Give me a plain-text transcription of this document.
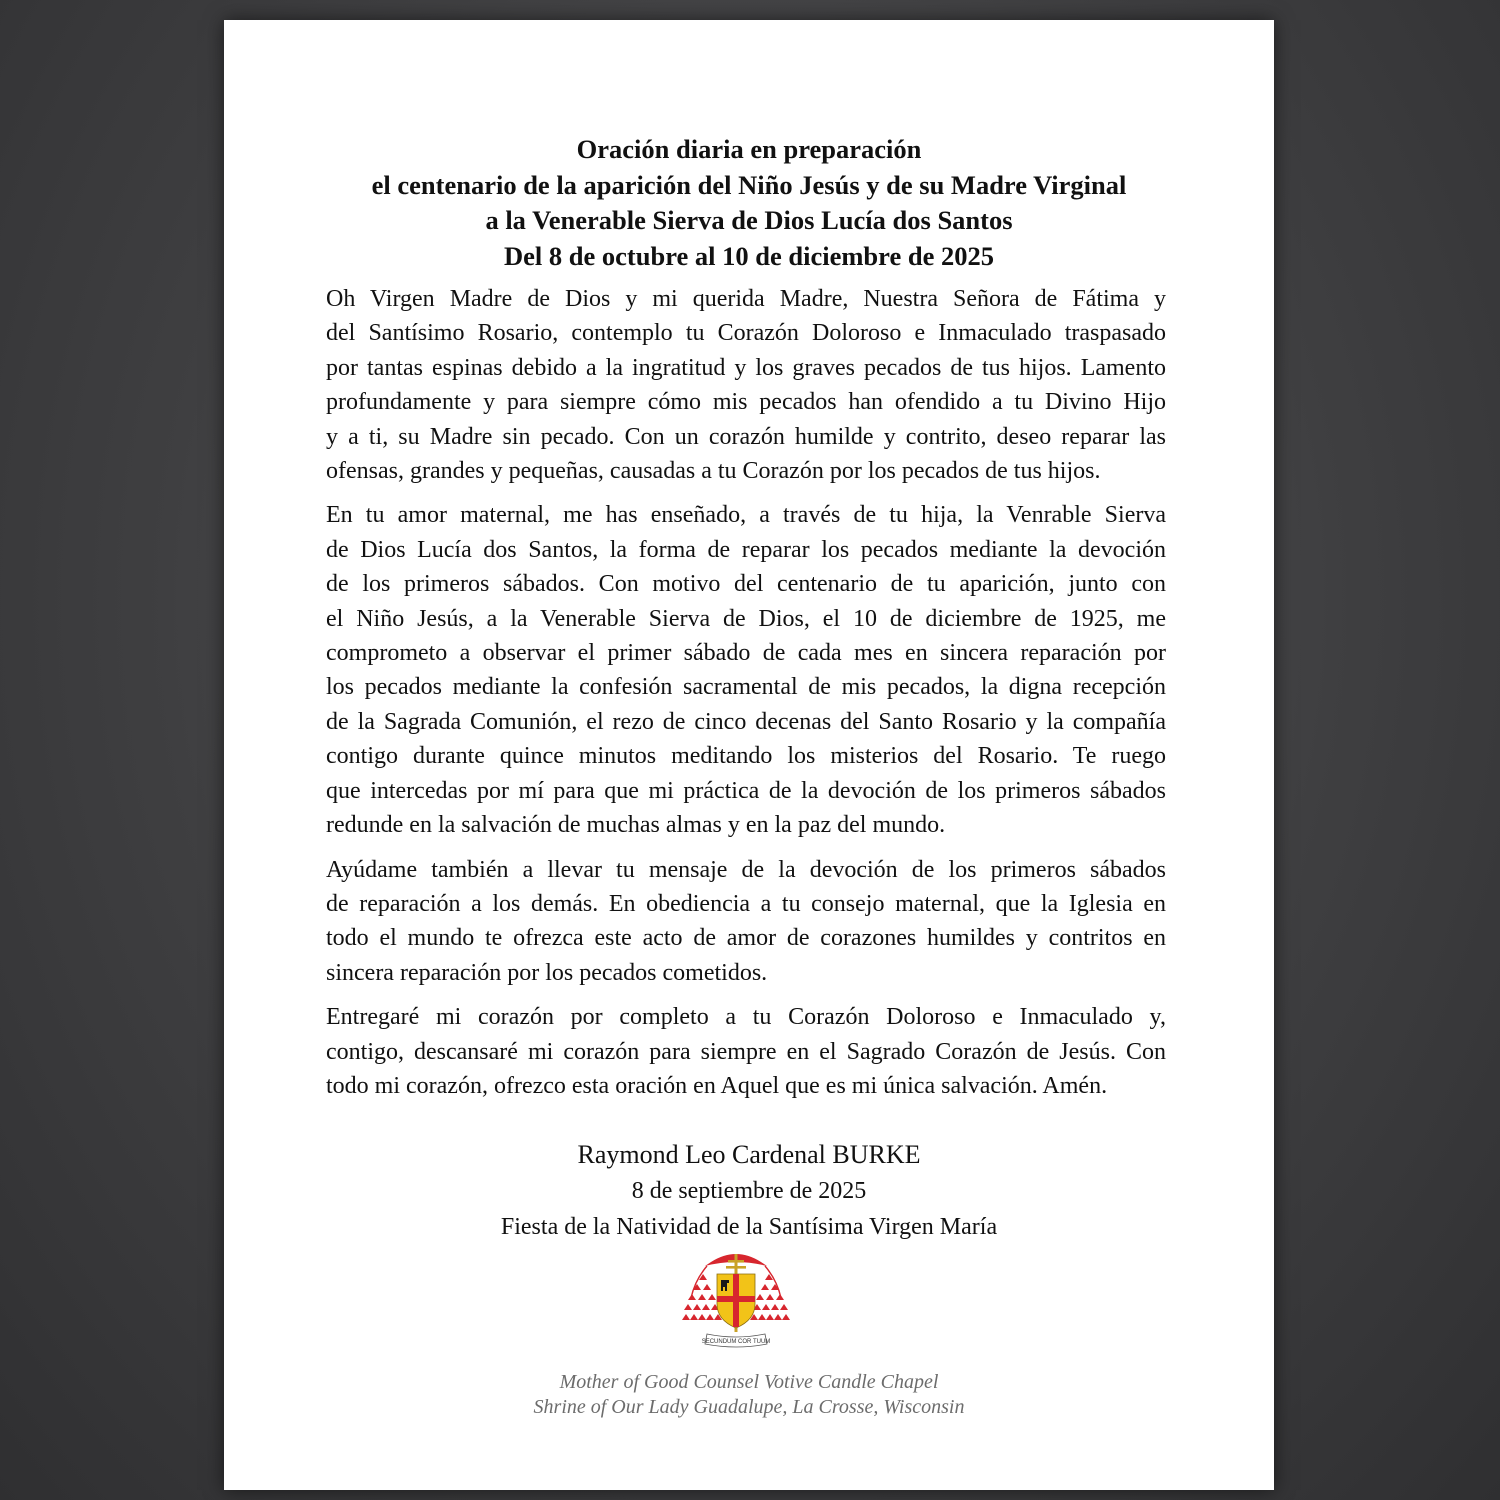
Oración diaria en preparación
el centenario de la aparición del Niño Jesús y de su Madre Virginal
a la Venerable Sierva de Dios Lucía dos Santos
Del 8 de octubre al 10 de diciembre de 2025
Oh Virgen Madre de Dios y mi querida Madre, Nuestra Señora de Fátima y
del Santísimo Rosario, contemplo tu Corazón Doloroso e Inmaculado traspasado
por tantas espinas debido a la ingratitud y los graves pecados de tus hijos. Lamento
profundamente y para siempre cómo mis pecados han ofendido a tu Divino Hijo
y a ti, su Madre sin pecado. Con un corazón humilde y contrito, deseo reparar las
ofensas, grandes y pequeñas, causadas a tu Corazón por los pecados de tus hijos.
En tu amor maternal, me has enseñado, a través de tu hija, la Venrable Sierva
de Dios Lucía dos Santos, la forma de reparar los pecados mediante la devoción
de los primeros sábados. Con motivo del centenario de tu aparición, junto con
el Niño Jesús, a la Venerable Sierva de Dios, el 10 de diciembre de 1925, me
comprometo a observar el primer sábado de cada mes en sincera reparación por
los pecados mediante la confesión sacramental de mis pecados, la digna recepción
de la Sagrada Comunión, el rezo de cinco decenas del Santo Rosario y la compañía
contigo durante quince minutos meditando los misterios del Rosario. Te ruego
que intercedas por mí para que mi práctica de la devoción de los primeros sábados
redunde en la salvación de muchas almas y en la paz del mundo.
Ayúdame también a llevar tu mensaje de la devoción de los primeros sábados
de reparación a los demás. En obediencia a tu consejo maternal, que la Iglesia en
todo el mundo te ofrezca este acto de amor de corazones humildes y contritos en
sincera reparación por los pecados cometidos.
Entregaré mi corazón por completo a tu Corazón Doloroso e Inmaculado y,
contigo, descansaré mi corazón para siempre en el Sagrado Corazón de Jesús. Con
todo mi corazón, ofrezco esta oración en Aquel que es mi única salvación. Amén.
Raymond Leo Cardenal BURKE
8 de septiembre de 2025
Fiesta de la Natividad de la Santísima Virgen María
SECUNDUM COR TUUM
Mother of Good Counsel Votive Candle Chapel
Shrine of Our Lady Guadalupe, La Crosse, Wisconsin
